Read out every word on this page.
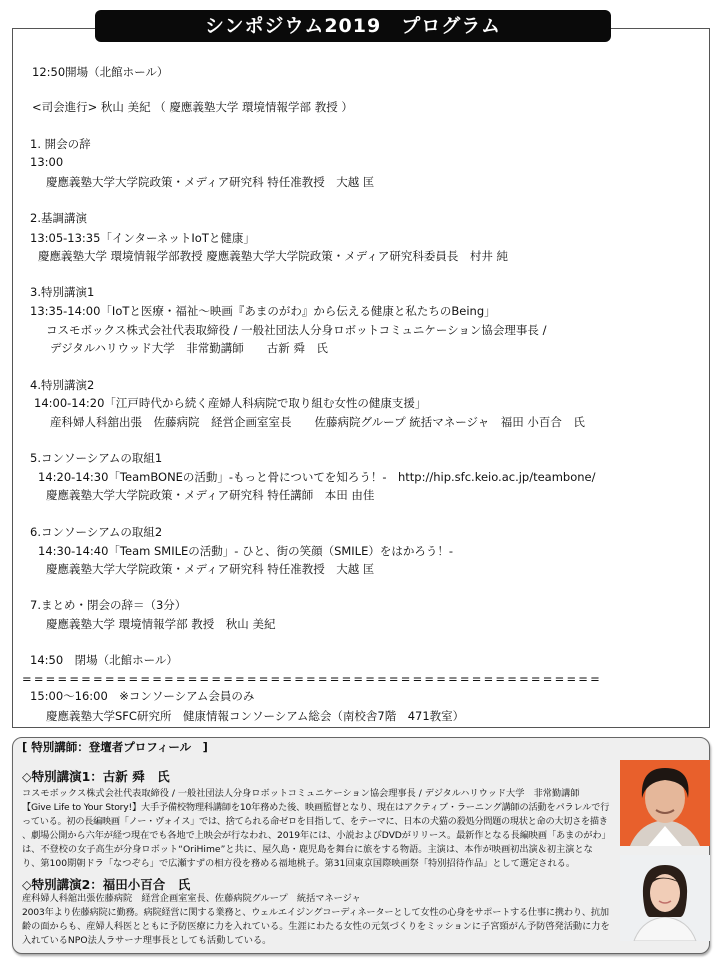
シンポジウム2019　プログラム
12:50開場（北館ホール）
<司会進行> 秋山 美紀 （ 慶應義塾大学 環境情報学部 教授 ）
1. 開会の辞
13:00
慶應義塾大学大学院政策・メディア研究科 特任准教授　大越 匡
2.基調講演
13:05-13:35「インターネットIoTと健康」
慶應義塾大学 環境情報学部教授 慶應義塾大学大学院政策・メディア研究科委員長　村井 純
3.特別講演1
13:35-14:00「IoTと医療・福祉～映画『あまのがわ』から伝える健康と私たちのBeing」
コスモボックス株式会社代表取締役 / 一般社団法人分身ロボットコミュニケーション協会理事長 /
デジタルハリウッド大学　非常勤講師　　古新 舜　氏
4.特別講演2
14:00-14:20「江戸時代から続く産婦人科病院で取り組む女性の健康支援」
産科婦人科舘出張　佐藤病院　経営企画室室長　　佐藤病院グループ 統括マネージャ　福田 小百合　氏
5.コンソーシアムの取組1
14:20-14:30「TeamBONEの活動」-もっと骨についてを知ろう！-　http://hip.sfc.keio.ac.jp/teambone/
慶應義塾大学大学院政策・メディア研究科 特任講師　本田 由佳
6.コンソーシアムの取組2
14:30-14:40「Team SMILEの活動」- ひと、街の笑顔（SMILE）をはかろう！-
慶應義塾大学大学院政策・メディア研究科 特任准教授　大越 匡
7.まとめ・閉会の辞＝（3分）
慶應義塾大学 環境情報学部 教授　秋山 美紀
14:50　閉場（北館ホール）
=================================================
15:00～16:00　※コンソーシアム会員のみ
慶應義塾大学SFC研究所　健康情報コンソーシアム総会（南校舎7階　471教室）
[ 特別講師：登壇者プロフィール　]
◇特別講演1：古新 舜　氏
コスモボックス株式会社代表取締役 / 一般社団法人分身ロボットコミュニケーション協会理事長 / デジタルハリウッド大学　非常勤講師
【Give Life to Your Story!】大手予備校物理科講師を10年務めた後、映画監督となり、現在はアクティブ・ラーニング講師の活動をパラレルで行
っている。初の長編映画「ノー・ヴォイス」では、捨てられる命ゼロを目指して、をテーマに、日本の犬猫の殺処分問題の現状と命の大切さを描き
、劇場公開から六年が経つ現在でも各地で上映会が行なわれ、2019年には、小説およびDVDがリリース。最新作となる長編映画「あまのがわ」
は、不登校の女子高生が分身ロボット“OriHime”と共に、屋久島・鹿児島を舞台に旅をする物語。主演は、本作が映画初出演＆初主演とな
り、第100期朝ドラ「なつぞら」で広瀬すずの相方役を務める福地桃子。第31回東京国際映画祭「特別招待作品」として選定される。
◇特別講演2：福田小百合　氏
産科婦人科舘出張佐藤病院　経営企画室室長、佐藤病院グループ　統括マネージャ
2003年より佐藤病院に勤務。病院経営に関する業務と、ウェルエイジングコーディネーターとして女性の心身をサポートする仕事に携わり、抗加
齢の面からも、産婦人科医とともに予防医療に力を入れている。生涯にわたる女性の元気づくりをミッションに子宮頸がん予防啓発活動に力を
入れているNPO法人ラサーナ理事長としても活動している。
